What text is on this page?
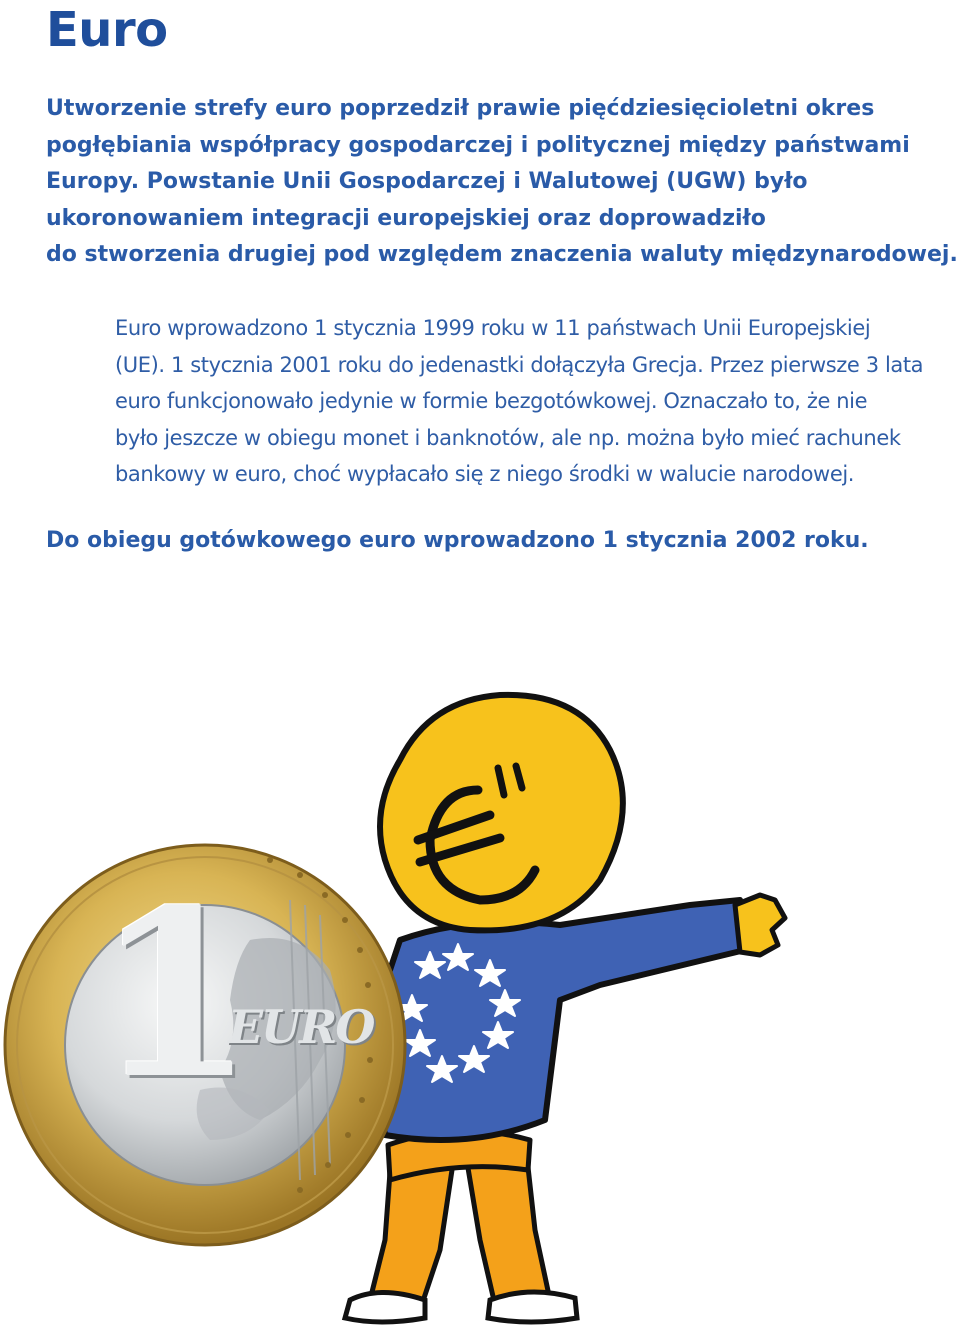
Euro

Utworzenie strefy euro poprzedził prawie pięćdziesięcioletni okres
pogłębiania współpracy gospodarczej i politycznej między państwami
Europy. Powstanie Unii Gospodarczej i Walutowej (UGW) było
ukoronowaniem integracji europejskiej oraz doprowadziło
do stworzenia drugiej pod względem znaczenia waluty międzynarodowej.

Euro wprowadzono 1 stycznia 1999 roku w 11 państwach Unii Europejskiej
(UE). 1 stycznia 2001 roku do jedenastki dołączyła Grecja. Przez pierwsze 3 lata
euro funkcjonowało jedynie w formie bezgotówkowej. Oznaczało to, że nie
było jeszcze w obiegu monet i banknotów, ale np. można było mieć rachunek
bankowy w euro, choć wypłacało się z niego środki w walucie narodowej.

Do obiegu gotówkowego euro wprowadzono 1 stycznia 2002 roku.

1
EURO
